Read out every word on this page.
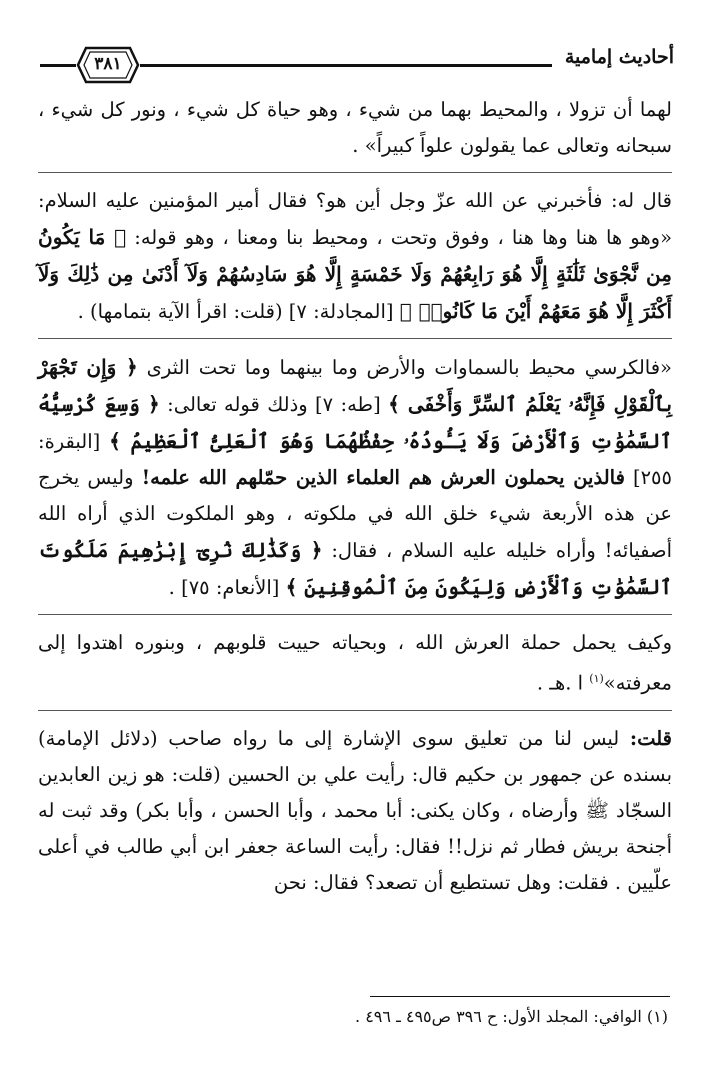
أحاديث إمامية
٣٨١

لهما أن تزولا ، والمحيط بهما من شيء ، وهو حياة كل شيء ، ونور كل شيء ، سبحانه وتعالى عما يقولون علواً كبيراً» .

قال له: فأخبرني عن الله عزّ وجل أين هو؟ فقال أمير المؤمنين عليه السلام: «وهو ها هنا وها هنا ، وفوق وتحت ، ومحيط بنا ومعنا ، وهو قوله: ﴿ مَا يَكُونُ مِن نَّجْوَىٰ ثَلَٰثَةٍ إِلَّا هُوَ رَابِعُهُمْ وَلَا خَمْسَةٍ إِلَّا هُوَ سَادِسُهُمْ وَلَآ أَدْنَىٰ مِن ذَٰلِكَ وَلَآ أَكْثَرَ إِلَّا هُوَ مَعَهُمْ أَيْنَ مَا كَانُوا۟ ﴾ [المجادلة: ٧] (قلت: اقرأ الآية بتمامها) .

«فالكرسي محيط بالسماوات والأرض وما بينهما وما تحت الثرى ﴿ وَإِن تَجْهَرْ بِٱلْقَوْلِ فَإِنَّهُۥ يَعْلَمُ ٱلسِّرَّ وَأَخْفَى ﴾ [طه: ٧] وذلك قوله تعالى: ﴿ وَسِعَ كُرْسِيُّهُ ٱلسَّمَٰوَٰتِ وَٱلْأَرْضَ وَلَا يَـُٔودُهُۥ حِفْظُهُمَا وَهُوَ ٱلْعَلِىُّ ٱلْعَظِيمُ ﴾ [البقرة: ٢٥٥] فالذين يحملون العرش هم العلماء الذين حمّلهم الله علمه! وليس يخرج عن هذه الأربعة شيء خلق الله في ملكوته ، وهو الملكوت الذي أراه الله أصفيائه! وأراه خليله عليه السلام ، فقال: ﴿ وَكَذَٰلِكَ نُرِىٓ إِبْرَٰهِيمَ مَلَكُوتَ ٱلسَّمَٰوَٰتِ وَٱلْأَرْضِ وَلِيَكُونَ مِنَ ٱلْمُوقِنِينَ ﴾ [الأنعام: ٧٥] .

وكيف يحمل حملة العرش الله ، وبحياته حييت قلوبهم ، وبنوره اهتدوا إلى معرفته»$^{(١)}$ ا .هـ .

قلت: ليس لنا من تعليق سوى الإشارة إلى ما رواه صاحب (دلائل الإمامة) بسنده عن جمهور بن حكيم قال: رأيت علي بن الحسين (قلت: هو زين العابدين السجّاد ﷺ وأرضاه ، وكان يكنى: أبا محمد ، وأبا الحسن ، وأبا بكر) وقد ثبت له أجنحة بريش فطار ثم نزل!! فقال: رأيت الساعة جعفر ابن أبي طالب في أعلى علّيين . فقلت: وهل تستطيع أن تصعد؟ فقال: نحن

(١) الوافي: المجلد الأول: ح ٣٩٦ ص٤٩٥ ـ ٤٩٦ .
